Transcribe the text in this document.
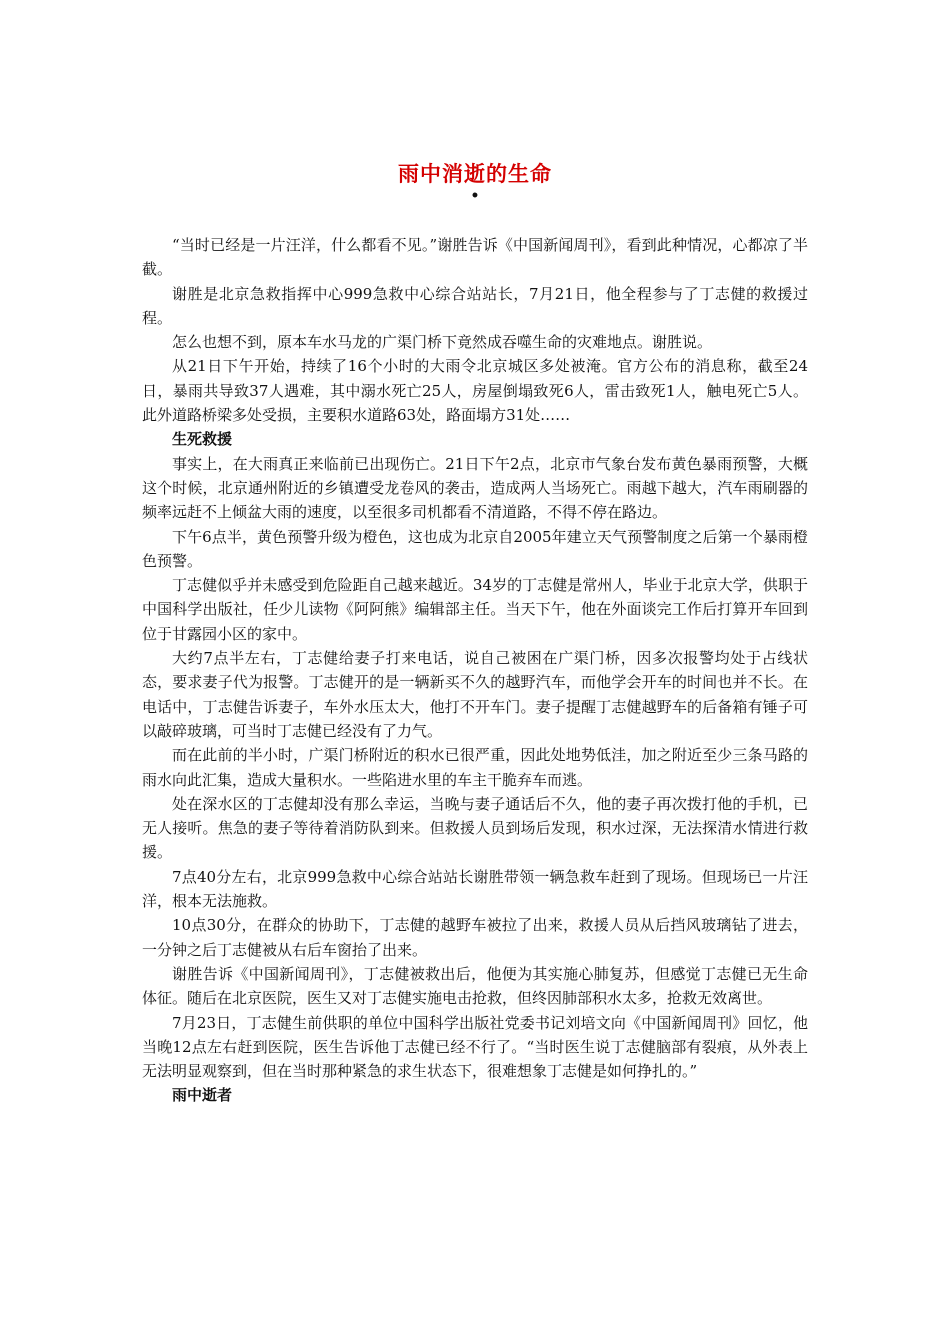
雨中消逝的生命
•

“当时已经是一片汪洋，什么都看不见。”谢胜告诉《中国新闻周刊》，看到此种情况，心都凉了半截。

谢胜是北京急救指挥中心999急救中心综合站站长，7月21日，他全程参与了丁志健的救援过程。

怎么也想不到，原本车水马龙的广渠门桥下竟然成吞噬生命的灾难地点。谢胜说。

从21日下午开始，持续了16个小时的大雨令北京城区多处被淹。官方公布的消息称，截至24日，暴雨共导致37人遇难，其中溺水死亡25人，房屋倒塌致死6人，雷击致死1人，触电死亡5人。此外道路桥梁多处受损，主要积水道路63处，路面塌方31处……

生死救援

事实上，在大雨真正来临前已出现伤亡。21日下午2点，北京市气象台发布黄色暴雨预警，大概这个时候，北京通州附近的乡镇遭受龙卷风的袭击，造成两人当场死亡。雨越下越大，汽车雨刷器的频率远赶不上倾盆大雨的速度，以至很多司机都看不清道路，不得不停在路边。

下午6点半，黄色预警升级为橙色，这也成为北京自2005年建立天气预警制度之后第一个暴雨橙色预警。

丁志健似乎并未感受到危险距自己越来越近。34岁的丁志健是常州人，毕业于北京大学，供职于中国科学出版社，任少儿读物《阿阿熊》编辑部主任。当天下午，他在外面谈完工作后打算开车回到位于甘露园小区的家中。

大约7点半左右，丁志健给妻子打来电话，说自己被困在广渠门桥，因多次报警均处于占线状态，要求妻子代为报警。丁志健开的是一辆新买不久的越野汽车，而他学会开车的时间也并不长。在电话中，丁志健告诉妻子，车外水压太大，他打不开车门。妻子提醒丁志健越野车的后备箱有锤子可以敲碎玻璃，可当时丁志健已经没有了力气。

而在此前的半小时，广渠门桥附近的积水已很严重，因此处地势低洼，加之附近至少三条马路的雨水向此汇集，造成大量积水。一些陷进水里的车主干脆弃车而逃。

处在深水区的丁志健却没有那么幸运，当晚与妻子通话后不久，他的妻子再次拨打他的手机，已无人接听。焦急的妻子等待着消防队到来。但救援人员到场后发现，积水过深，无法探清水情进行救援。

7点40分左右，北京999急救中心综合站站长谢胜带领一辆急救车赶到了现场。但现场已一片汪洋，根本无法施救。

10点30分，在群众的协助下，丁志健的越野车被拉了出来，救援人员从后挡风玻璃钻了进去，一分钟之后丁志健被从右后车窗抬了出来。

谢胜告诉《中国新闻周刊》，丁志健被救出后，他便为其实施心肺复苏，但感觉丁志健已无生命体征。随后在北京医院，医生又对丁志健实施电击抢救，但终因肺部积水太多，抢救无效离世。

7月23日，丁志健生前供职的单位中国科学出版社党委书记刘培文向《中国新闻周刊》回忆，他当晚12点左右赶到医院，医生告诉他丁志健已经不行了。“当时医生说丁志健脑部有裂痕，从外表上无法明显观察到，但在当时那种紧急的求生状态下，很难想象丁志健是如何挣扎的。”

雨中逝者
